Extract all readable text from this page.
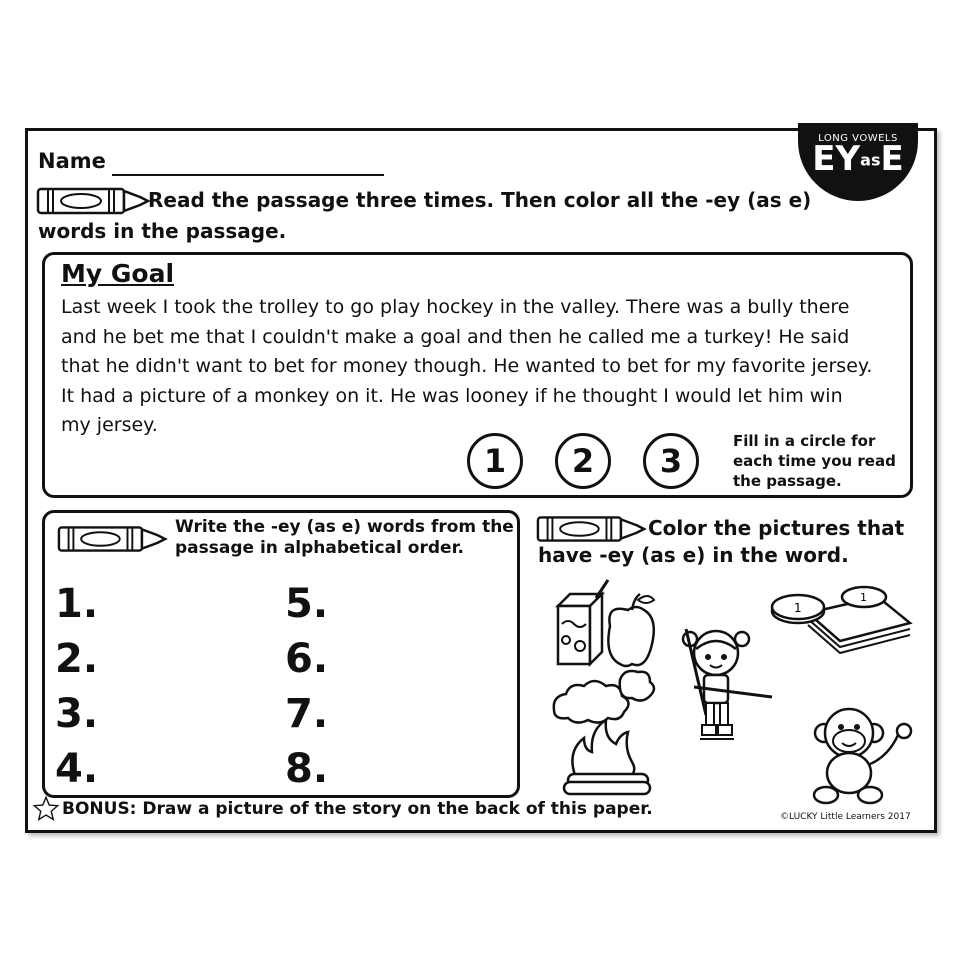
LONG VOWELS
EYasE
Name
Read the passage three times. Then color all the -ey (as e)
words in the passage.
My Goal
Last week I took the trolley to go play hockey in the valley. There was a bully there
and he bet me that I couldn't make a goal and then he called me a turkey! He said
that he didn't want to bet for money though. He wanted to bet for my favorite jersey.
It had a picture of a monkey on it. He was looney if he thought I would let him win
my jersey.
1	2	3
Fill in a circle for each time you read the passage.
Write the -ey (as e) words from the passage in alphabetical order.
1.
2.
3.
4.
5.
6.
7.
8.
Color the pictures that have -ey (as e) in the word.
1
1
BONUS: Draw a picture of the story on the back of this paper.	©LUCKY Little Learners 2017
